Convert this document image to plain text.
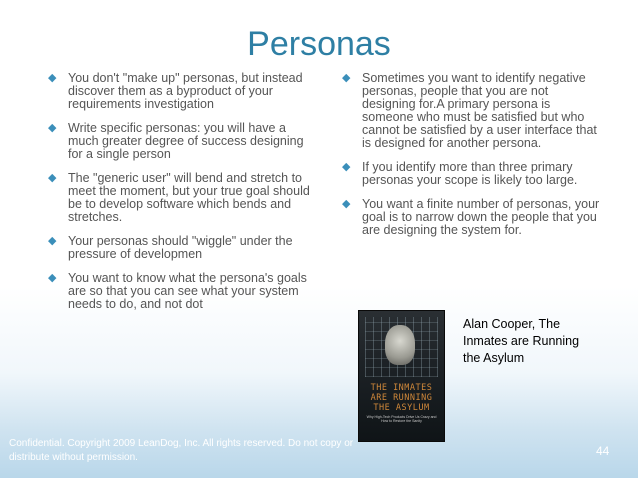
Personas
◆ You don't "make up" personas, but instead discover them as a byproduct of your requirements investigation
◆ Write specific personas: you will have a much greater degree of success designing for a single person
◆ The "generic user" will bend and stretch to meet the moment, but your true goal should be to develop software which bends and stretches.
◆ Your personas should "wiggle" under the pressure of developmen
◆ You want to know what the persona's goals are so that you can see what your system needs to do, and not dot
◆ Sometimes you want to identify negative personas, people that you are not designing for.A primary persona is someone who must be satisfied but who cannot be satisfied by a user interface that is designed for another persona.
◆ If you identify more than three primary personas your scope is likely too large.
◆ You want a finite number of personas, your goal is to narrow down the people that you are designing the system for.
THE INMATES ARE RUNNING THE ASYLUM
Why High-Tech Products Drive Us Crazy and How to Restore the Sanity
Alan Cooper, The Inmates are Running the Asylum
Confidential. Copyright 2009 LeanDog, Inc. All rights reserved. Do not copy or distribute without permission.	44
